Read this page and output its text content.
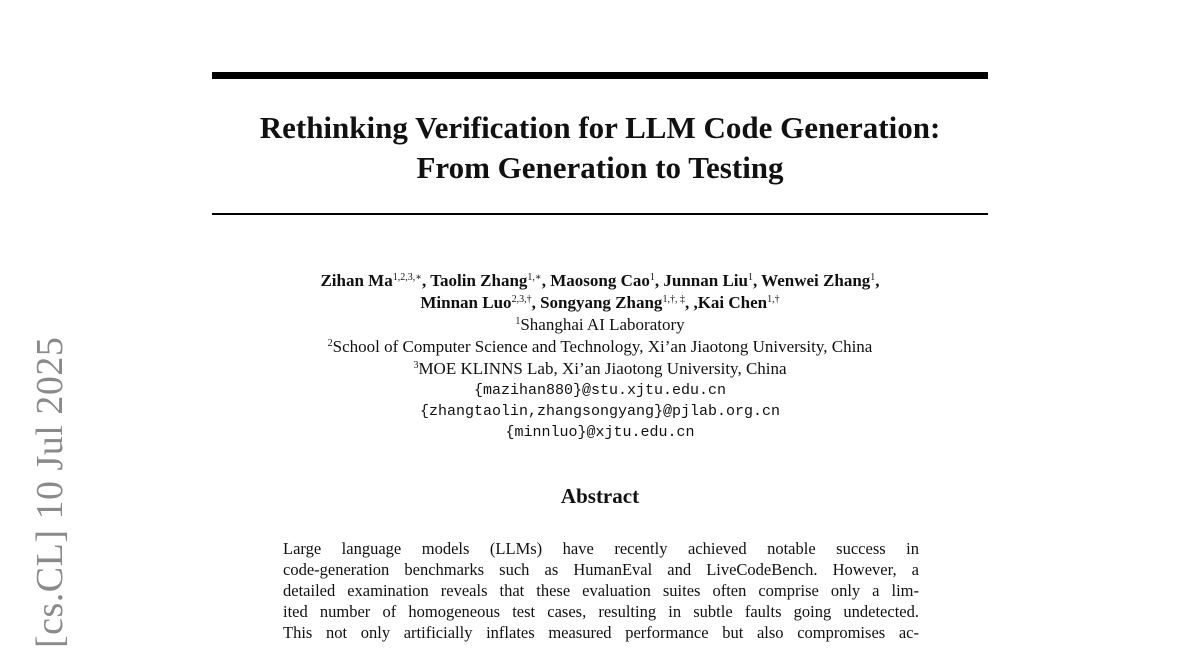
[cs.CL] 10 Jul 2025
Rethinking Verification for LLM Code Generation:
From Generation to Testing
Zihan $Ma^{1,2,3,∗}$, Taolin Zhang$^{1,∗}$, Maosong Cao$^1$, Junnan Liu$^1$, Wenwei Zhang$^1$,
Minnan Luo$^{2,3,\dagger}$, Songyang Zhang$^{1,\dagger, \ddagger}$, ,Kai Chen$^{1,\dagger}$
$^1$Shanghai AI Laboratory
$^2$School of Computer Science and Technology, Xi’an Jiaotong University, China
$^3$MOE KLINNS Lab, Xi’an Jiaotong University, China
{mazihan880}@stu.xjtu.edu.cn
{zhangtaolin,zhangsongyang}@pjlab.org.cn
{minnluo}@xjtu.edu.cn
Abstract
Large language models (LLMs) have recently achieved notable success in
code-generation benchmarks such as HumanEval and LiveCodeBench. However, a
detailed examination reveals that these evaluation suites often comprise only a lim-
ited number of homogeneous test cases, resulting in subtle faults going undetected.
This not only artificially inflates measured performance but also compromises ac-
